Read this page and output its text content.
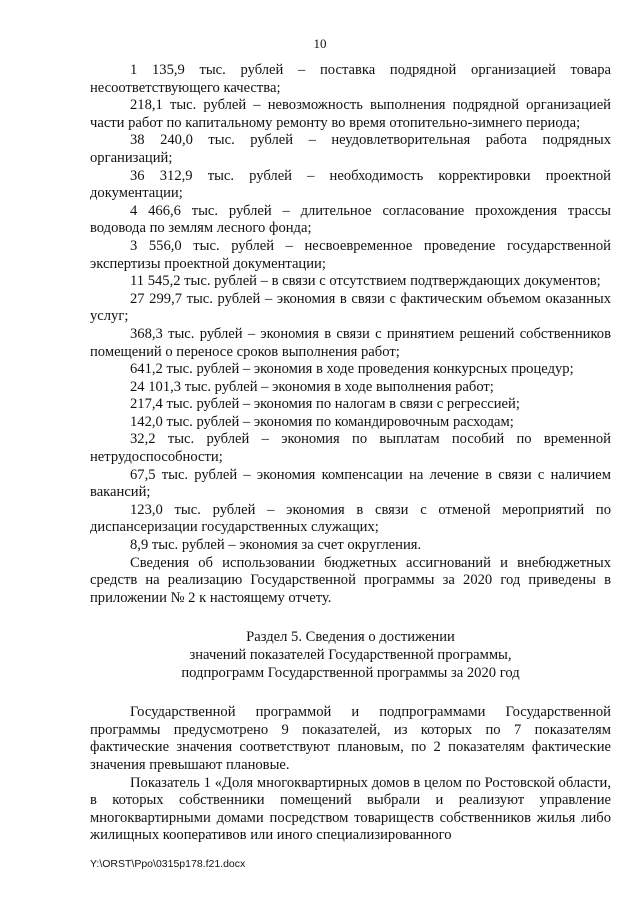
10

1 135,9 тыс. рублей – поставка подрядной организацией товара несоответствующего качества;

218,1 тыс. рублей – невозможность выполнения подрядной организацией части работ по капитальному ремонту во время отопительно-зимнего периода;

38 240,0 тыс. рублей – неудовлетворительная работа подрядных организаций;

36 312,9 тыс. рублей – необходимость корректировки проектной документации;

4 466,6 тыс. рублей – длительное согласование прохождения трассы водовода по землям лесного фонда;

3 556,0 тыс. рублей – несвоевременное проведение государственной экспертизы проектной документации;

11 545,2 тыс. рублей – в связи с отсутствием подтверждающих документов;

27 299,7 тыс. рублей – экономия в связи с фактическим объемом оказанных услуг;

368,3 тыс. рублей – экономия в связи с принятием решений собственников помещений о переносе сроков выполнения работ;

641,2 тыс. рублей – экономия в ходе проведения конкурсных процедур;

24 101,3 тыс. рублей – экономия в ходе выполнения работ;

217,4 тыс. рублей – экономия по налогам в связи с регрессией;

142,0 тыс. рублей – экономия по командировочным расходам;

32,2 тыс. рублей – экономия по выплатам пособий по временной нетрудоспособности;

67,5 тыс. рублей – экономия компенсации на лечение в связи с наличием вакансий;

123,0 тыс. рублей – экономия в связи с отменой мероприятий по диспансеризации государственных служащих;

8,9 тыс. рублей – экономия за счет округления.

Сведения об использовании бюджетных ассигнований и внебюджетных средств на реализацию Государственной программы за 2020 год приведены в приложении № 2 к настоящему отчету.

Раздел 5. Сведения о достижении
значений показателей Государственной программы,
подпрограмм Государственной программы за 2020 год

Государственной программой и подпрограммами Государственной программы предусмотрено 9 показателей, из которых по 7 показателям фактические значения соответствуют плановым, по 2 показателям фактические значения превышают плановые.

Показатель 1 «Доля многоквартирных домов в целом по Ростовской области, в которых собственники помещений выбрали и реализуют управление многоквартирными домами посредством товариществ собственников жилья либо жилищных кооперативов или иного специализированного

Y:\ORST\Ppo\0315p178.f21.docx
